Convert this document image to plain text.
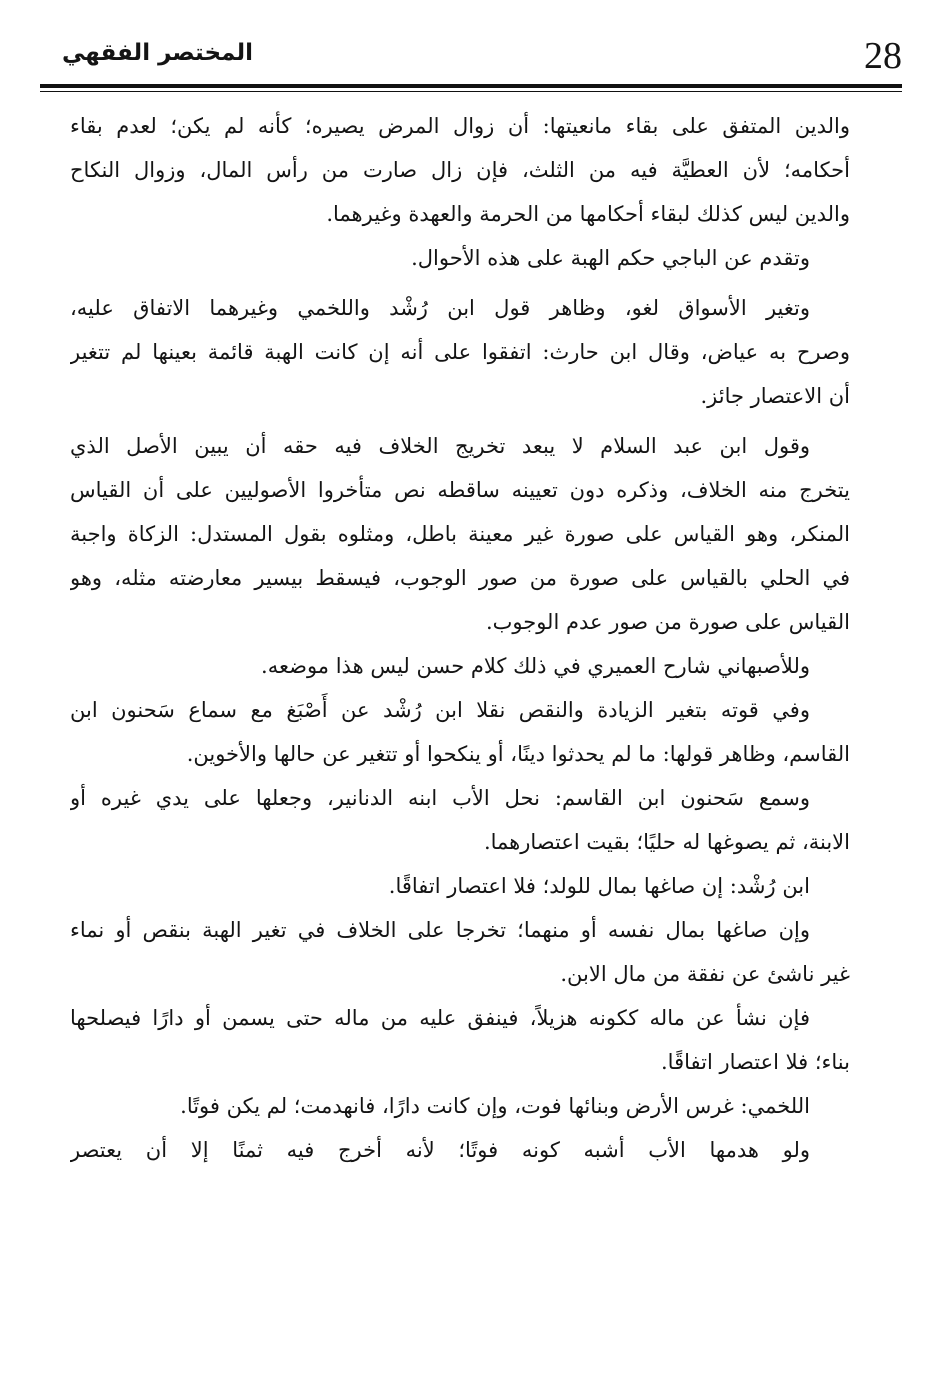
28
المختصر الفقهي
والدين المتفق على بقاء مانعيتها: أن زوال المرض يصيره؛ كأنه لم يكن؛ لعدم بقاء
أحكامه؛ لأن العطيَّة فيه من الثلث، فإن زال صارت من رأس المال، وزوال النكاح
والدين ليس كذلك لبقاء أحكامها من الحرمة والعهدة وغيرهما.
وتقدم عن الباجي حكم الهبة على هذه الأحوال.
وتغير الأسواق لغو، وظاهر قول ابن رُشْد واللخمي وغيرهما الاتفاق عليه،
وصرح به عياض، وقال ابن حارث: اتفقوا على أنه إن كانت الهبة قائمة بعينها لم تتغير
أن الاعتصار جائز.
وقول ابن عبد السلام لا يبعد تخريج الخلاف فيه حقه أن يبين الأصل الذي
يتخرج منه الخلاف، وذكره دون تعيينه ساقطه نص متأخروا الأصوليين على أن القياس
المنكر، وهو القياس على صورة غير معينة باطل، ومثلوه بقول المستدل: الزكاة واجبة
في الحلي بالقياس على صورة من صور الوجوب، فيسقط بيسير معارضته مثله، وهو
القياس على صورة من صور عدم الوجوب.
وللأصبهاني شارح العميري في ذلك كلام حسن ليس هذا موضعه.
وفي قوته بتغير الزيادة والنقص نقلا ابن رُشْد عن أَصْبَغ مع سماع سَحنون ابن
القاسم، وظاهر قولها: ما لم يحدثوا دينًا، أو ينكحوا أو تتغير عن حالها والأخوين.
وسمع سَحنون ابن القاسم: نحل الأب ابنه الدنانير، وجعلها على يدي غيره أو
الابنة، ثم يصوغها له حليًا؛ بقيت اعتصارهما.
ابن رُشْد: إن صاغها بمال للولد؛ فلا اعتصار اتفاقًا.
وإن صاغها بمال نفسه أو منهما؛ تخرجا على الخلاف في تغير الهبة بنقص أو نماء
غير ناشئ عن نفقة من مال الابن.
فإن نشأ عن ماله ككونه هزيلاً، فينفق عليه من ماله حتى يسمن أو دارًا فيصلحها
بناء؛ فلا اعتصار اتفاقًا.
اللخمي: غرس الأرض وبنائها فوت، وإن كانت دارًا، فانهدمت؛ لم يكن فوتًا.
ولو هدمها الأب أشبه كونه فوتًا؛ لأنه أخرج فيه ثمنًا إلا أن يعتصر
